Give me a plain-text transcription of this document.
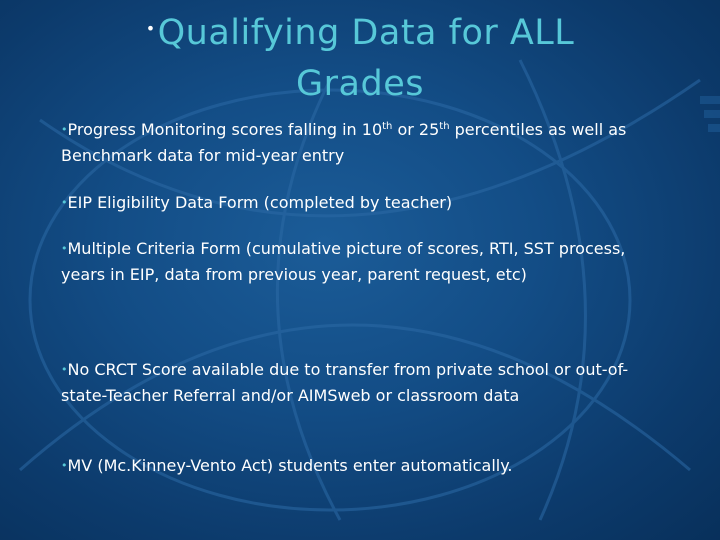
•Qualifying Data for ALL
Grades
•Progress Monitoring scores falling in 10th or 25th percentiles as well as Benchmark data for mid-year entry
•EIP Eligibility Data Form (completed by teacher)
•Multiple Criteria Form (cumulative picture of scores, RTI, SST process, years in EIP, data from previous year, parent request, etc)
•No CRCT Score available due to transfer from private school or out-of-state-Teacher Referral and/or AIMSweb or classroom data
•MV (Mc.Kinney-Vento Act) students enter automatically.
